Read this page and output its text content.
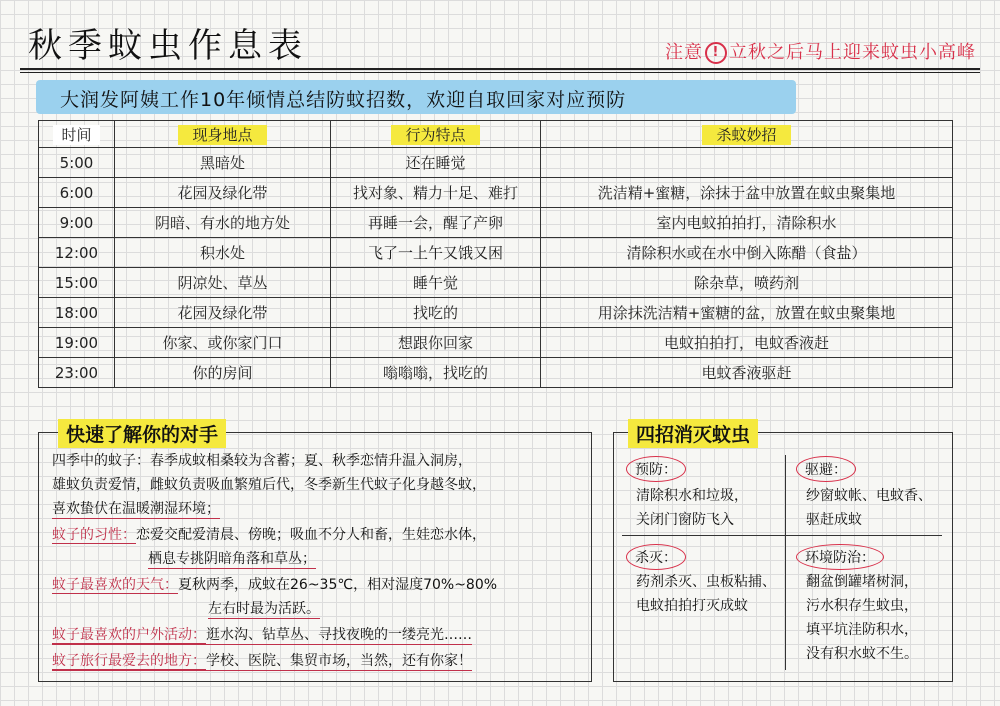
秋季蚊虫作息表	注意 ! 立秋之后马上迎来蚊虫小高峰
大润发阿姨工作10年倾情总结防蚊招数，欢迎自取回家对应预防
时间	现身地点	行为特点	杀蚊妙招
5:00	黑暗处	还在睡觉	
6:00	花园及绿化带	找对象、精力十足、难打	洗洁精+蜜糖，涂抹于盆中放置在蚊虫聚集地
9:00	阴暗、有水的地方处	再睡一会，醒了产卵	室内电蚊拍拍打，清除积水
12:00	积水处	飞了一上午又饿又困	清除积水或在水中倒入陈醋（食盐）
15:00	阴凉处、草丛	睡午觉	除杂草，喷药剂
18:00	花园及绿化带	找吃的	用涂抹洗洁精+蜜糖的盆，放置在蚊虫聚集地
19:00	你家、或你家门口	想跟你回家	电蚊拍拍打，电蚊香液赶
23:00	你的房间	嗡嗡嗡，找吃的	电蚊香液驱赶
快速了解你的对手
四季中的蚊子：春季成蚊相桑较为含蓄；夏、秋季恋情升温入洞房，
雄蚊负责爱情，雌蚊负责吸血繁殖后代，冬季新生代蚊子化身越冬蚊，
喜欢蛰伏在温暖潮湿环境；
蚊子的习性：恋爱交配爱清晨、傍晚；吸血不分人和畜，生娃恋水体，
栖息专挑阴暗角落和草丛；
蚊子最喜欢的天气：夏秋两季，成蚊在26~35℃，相对湿度70%~80%
左右时最为活跃。
蚊子最喜欢的户外活动：逛水沟、钻草丛、寻找夜晚的一缕亮光……
蚊子旅行最爱去的地方：学校、医院、集贸市场，当然，还有你家！
四招消灭蚊虫
预防：
清除积水和垃圾，
关闭门窗防飞入
驱避：
纱窗蚊帐、电蚊香、
驱赶成蚊
杀灭：
药剂杀灭、虫板粘捕、
电蚊拍拍打灭成蚊
环境防治：
翻盆倒罐堵树洞，
污水积存生蚊虫，
填平坑洼防积水，
没有积水蚊不生。
